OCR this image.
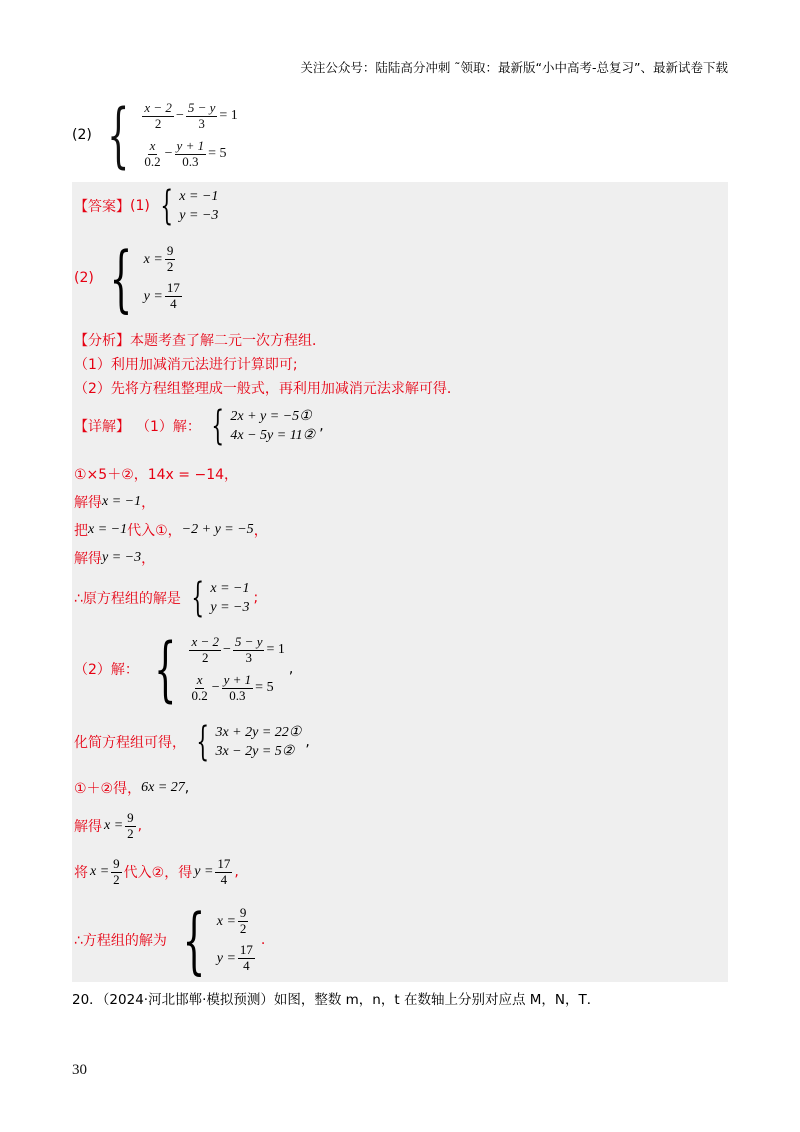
关注公众号：陆陆高分冲刺 ˜领取：最新版“小中高考-总复习”、最新试卷下载
(2) { $\frac{x - 2}{2} - \frac{5 - y}{3} = 1$
$\frac{x}{0.2} - \frac{y + 1}{0.3} = 5$
【答案】 (1) { x = −1
y = −3
(2) { $x = \frac{9}{2}$
$y = \frac{17}{4}$
【分析】 本题考查了解二元一次方程组．
（1）利用加减消元法进行计算即可;
（2）先将方程组整理成一般式，再利用加减消元法求解可得．
【详解】 （1）解： { 2x + y = −5①
4x − 5y = 11②
,
①×5＋②，14x = −14，
解得 x = −1 ，
把 x = −1 代入①， −2 + y = −5 ，
解得 y = −3 ，
∴原方程组的解是 { x = −1
y = −3
;
（2）解： { $\frac{x - 2}{2} - \frac{5 - y}{3} = 1$
$\frac{x}{0.2} - \frac{y + 1}{0.3} = 5$
,
化简方程组可得， { 3x + 2y = 22①
3x − 2y = 5②
,
①＋②得， 6x = 27 ,
解得 $x = \frac{9}{2}$ ,
将 $x = \frac{9}{2}$ 代入②，得 $y = \frac{17}{4}$ ,
∴方程组的解为 { $x = \frac{9}{2}$
$y = \frac{17}{4}$
.
20．（2024·河北邯郸·模拟预测）如图，整数 m，n，t 在数轴上分别对应点 M，N，T．
30
